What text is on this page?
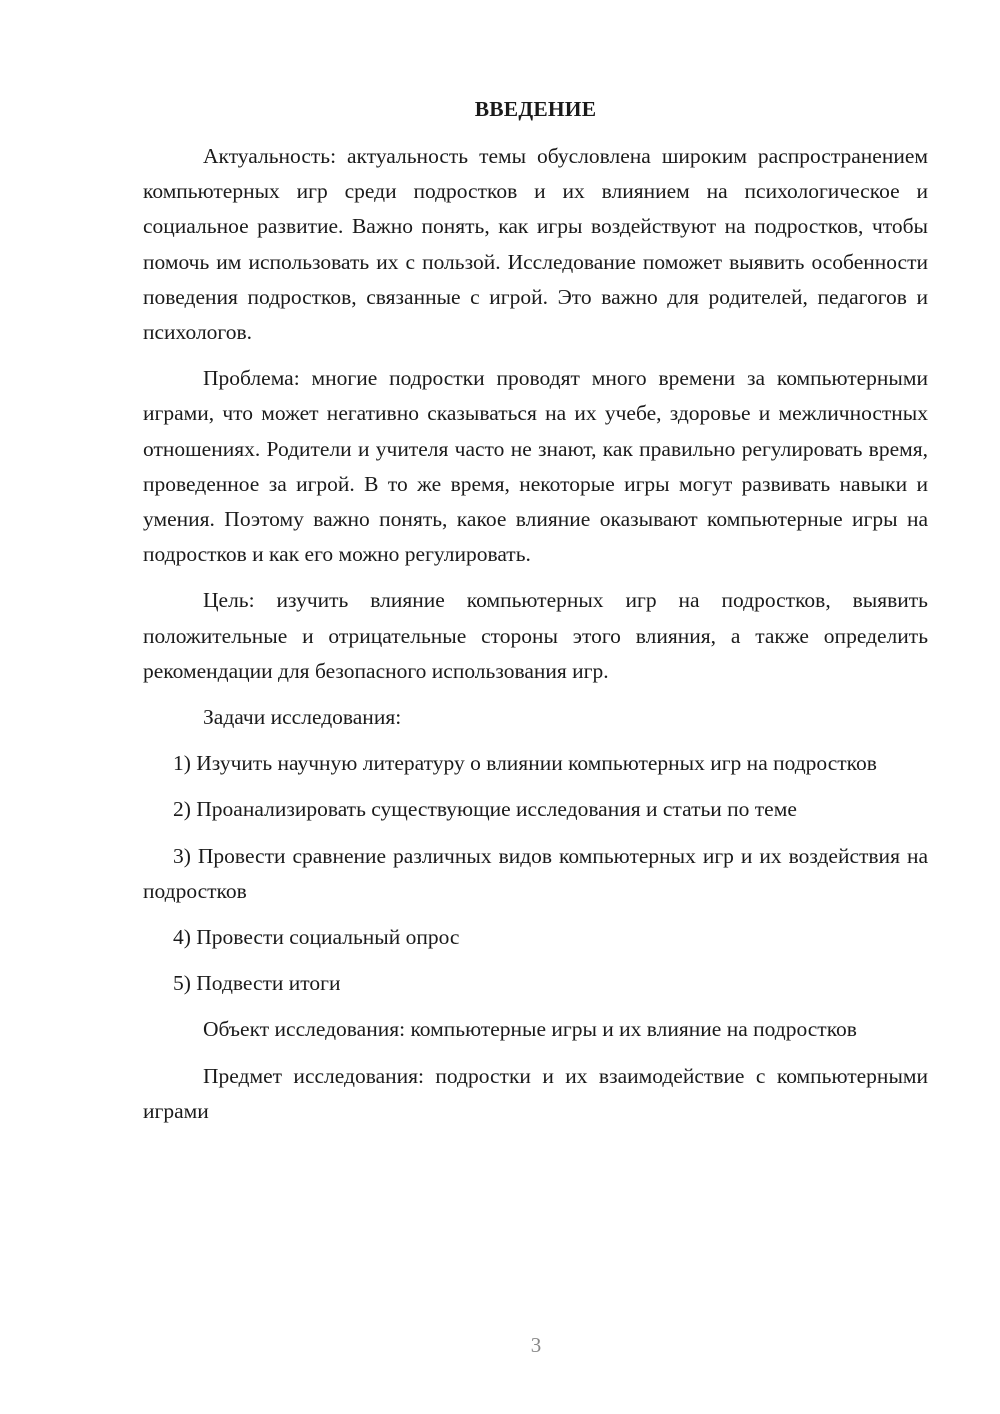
ВВЕДЕНИЕ

Актуальность: актуальность темы обусловлена широким распространением компьютерных игр среди подростков и их влиянием на психологическое и социальное развитие. Важно понять, как игры воздействуют на подростков, чтобы помочь им использовать их с пользой. Исследование поможет выявить особенности поведения подростков, связанные с игрой. Это важно для родителей, педагогов и психологов.

Проблема: многие подростки проводят много времени за компьютерными играми, что может негативно сказываться на их учебе, здоровье и межличностных отношениях. Родители и учителя часто не знают, как правильно регулировать время, проведенное за игрой. В то же время, некоторые игры могут развивать навыки и умения. Поэтому важно понять, какое влияние оказывают компьютерные игры на подростков и как его можно регулировать.

Цель: изучить влияние компьютерных игр на подростков, выявить положительные и отрицательные стороны этого влияния, а также определить рекомендации для безопасного использования игр.

Задачи исследования:

1) Изучить научную литературу о влиянии компьютерных игр на подростков

2) Проанализировать существующие исследования и статьи по теме

3) Провести сравнение различных видов компьютерных игр и их воздействия на подростков

4) Провести социальный опрос

5) Подвести итоги

Объект исследования: компьютерные игры и их влияние на подростков

Предмет исследования: подростки и их взаимодействие с компьютерными играми

3
